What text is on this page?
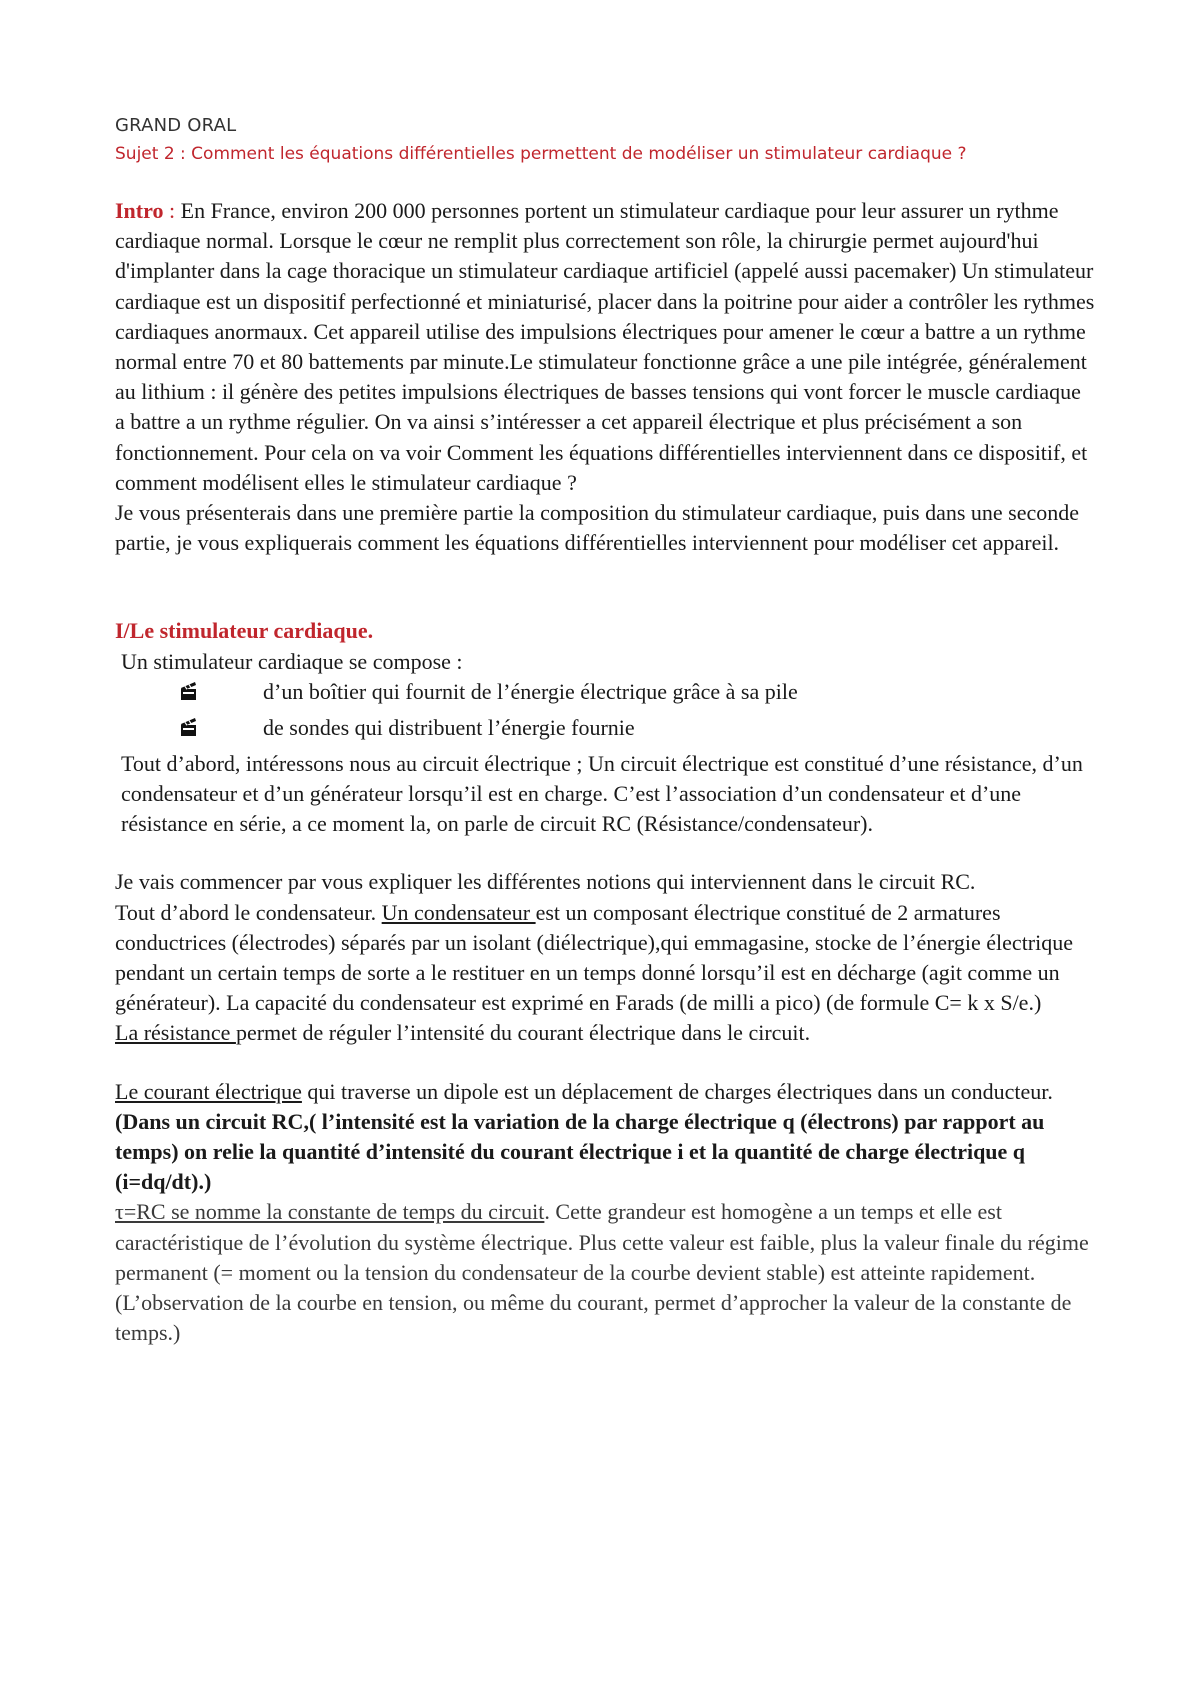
GRAND ORAL
Sujet 2 : Comment les équations différentielles permettent de modéliser un stimulateur cardiaque ?

Intro : En France, environ 200 000 personnes portent un stimulateur cardiaque pour leur assurer un rythme cardiaque normal. Lorsque le cœur ne remplit plus correctement son rôle, la chirurgie permet aujourd'hui d'implanter dans la cage thoracique un stimulateur cardiaque artificiel (appelé aussi pacemaker) Un stimulateur cardiaque est un dispositif perfectionné et miniaturisé, placer dans la poitrine pour aider a contrôler les rythmes cardiaques anormaux. Cet appareil utilise des impulsions électriques pour amener le cœur a battre a un rythme normal entre 70 et 80 battements par minute.Le stimulateur fonctionne grâce a une pile intégrée, généralement au lithium : il génère des petites impulsions électriques de basses tensions qui vont forcer le muscle cardiaque a battre a un rythme régulier. On va ainsi s’intéresser a cet appareil électrique et plus précisément a son fonctionnement. Pour cela on va voir Comment les équations différentielles interviennent dans ce dispositif, et comment modélisent elles le stimulateur cardiaque ?

Je vous présenterais dans une première partie la composition du stimulateur cardiaque, puis dans une seconde partie, je vous expliquerais comment les équations différentielles interviennent pour modéliser cet appareil.

I/Le stimulateur cardiaque.

Un stimulateur cardiaque se compose :

d’un boîtier qui fournit de l’énergie électrique grâce à sa pile
de sondes qui distribuent l’énergie fournie

Tout d’abord, intéressons nous au circuit électrique ; Un circuit électrique est constitué d’une résistance, d’un condensateur et d’un générateur lorsqu’il est en charge. C’est l’association d’un condensateur et d’une résistance en série, a ce moment la, on parle de circuit RC (Résistance/condensateur).

Je vais commencer par vous expliquer les différentes notions qui interviennent dans le circuit RC.

Tout d’abord le condensateur. Un condensateur est un composant électrique constitué de 2 armatures conductrices (électrodes) séparés par un isolant (diélectrique),qui emmagasine, stocke de l’énergie électrique pendant un certain temps de sorte a le restituer en un temps donné lorsqu’il est en décharge (agit comme un générateur). La capacité du condensateur est exprimé en Farads (de milli a pico) (de formule C= k x S/e.)

La résistance permet de réguler l’intensité du courant électrique dans le circuit.

Le courant électrique qui traverse un dipole est un déplacement de charges électriques dans un conducteur.

(Dans un circuit RC,( l’intensité est la variation de la charge électrique q (électrons) par rapport au temps) on relie la quantité d’intensité du courant électrique i et la quantité de charge électrique q (i=dq/dt).)

τ=RC se nomme la constante de temps du circuit. Cette grandeur est homogène a un temps et elle est caractéristique de l’évolution du système électrique. Plus cette valeur est faible, plus la valeur finale du régime permanent (= moment ou la tension du condensateur de la courbe devient stable) est atteinte rapidement. (L’observation de la courbe en tension, ou même du courant, permet d’approcher la valeur de la constante de temps.)
